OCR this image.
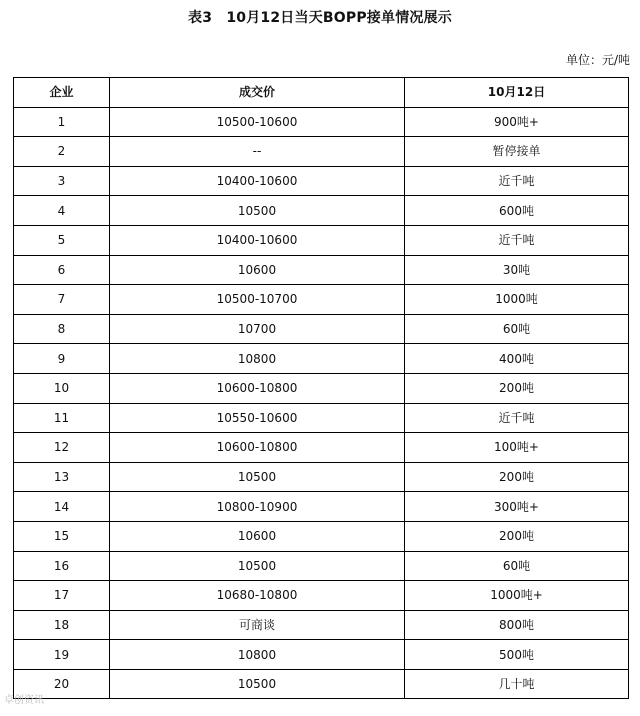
表3　10月12日当天BOPP接单情况展示
单位：元/吨
企业	成交价	10月12日
1	10500-10600	900吨+
2	--	暂停接单
3	10400-10600	近千吨
4	10500	600吨
5	10400-10600	近千吨
6	10600	30吨
7	10500-10700	1000吨
8	10700	60吨
9	10800	400吨
10	10600-10800	200吨
11	10550-10600	近千吨
12	10600-10800	100吨+
13	10500	200吨
14	10800-10900	300吨+
15	10600	200吨
16	10500	60吨
17	10680-10800	1000吨+
18	可商谈	800吨
19	10800	500吨
20	10500	几十吨
卓创资讯
